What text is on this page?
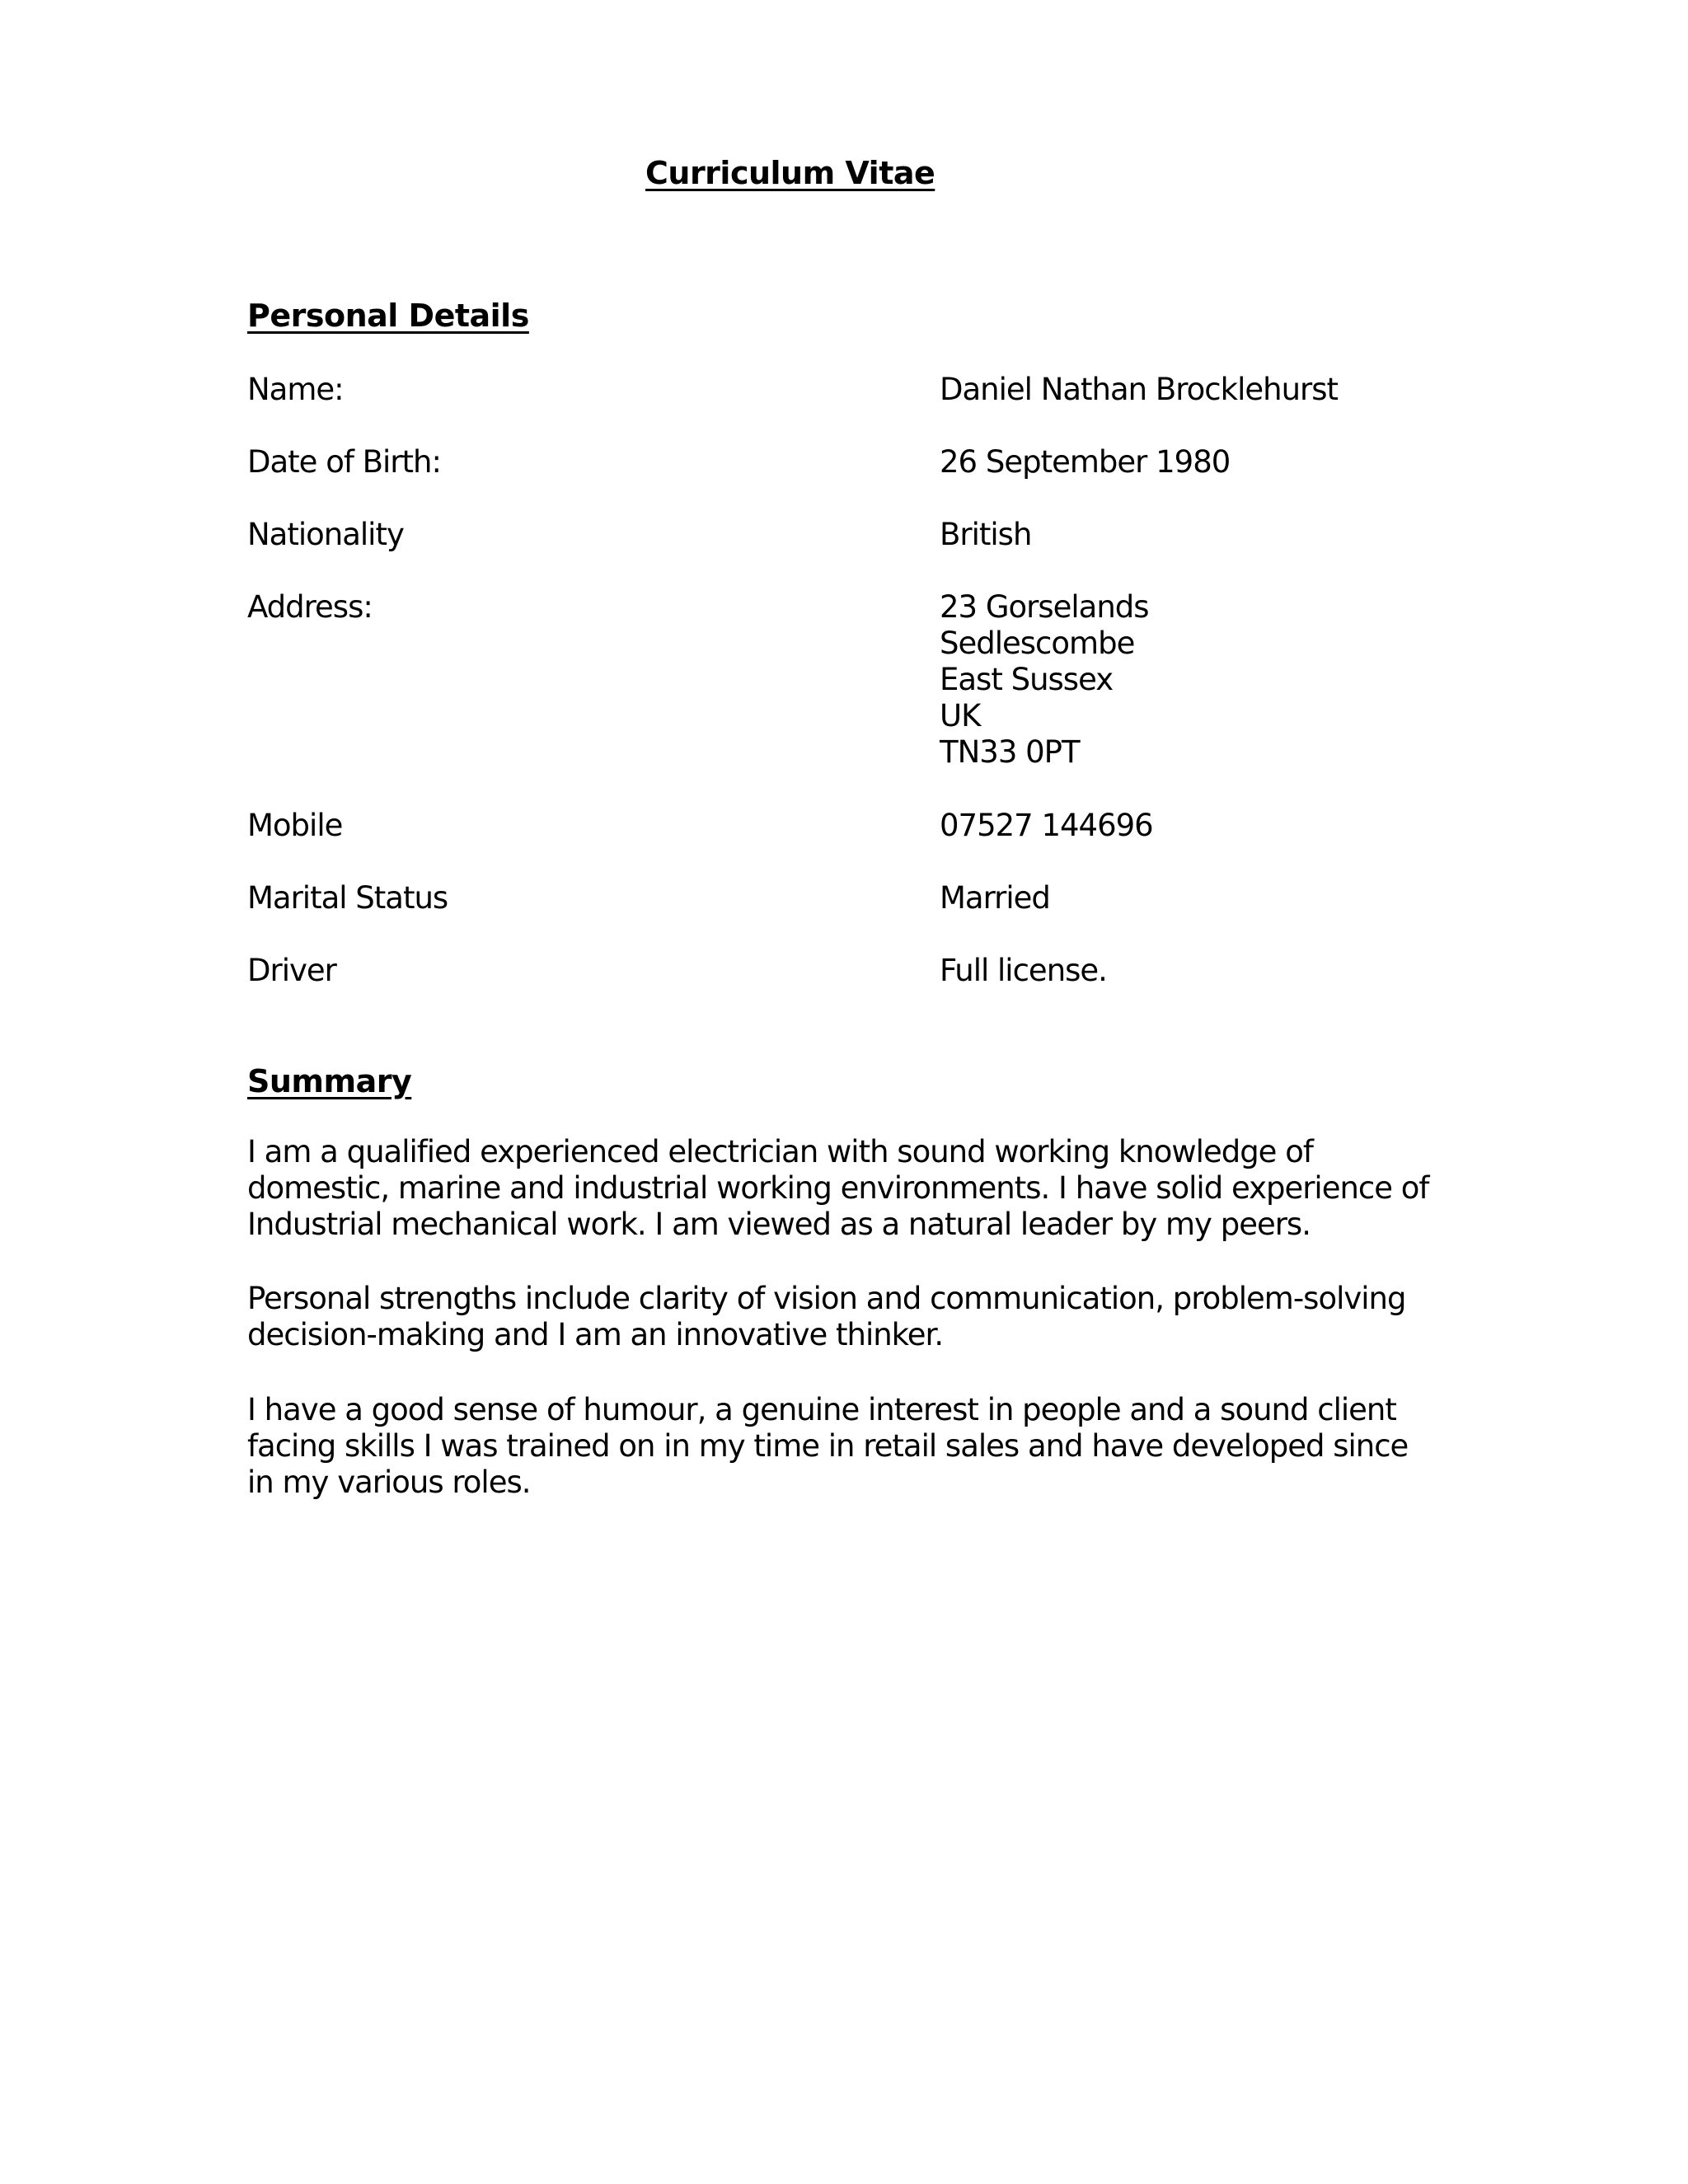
Curriculum Vitae
Personal Details
Name:	Daniel Nathan Brocklehurst
Date of Birth:	26 September 1980
Nationality	British
Address:	23 Gorselands
Sedlescombe
East Sussex
UK
TN33 0PT
Mobile	07527 144696
Marital Status	Married
Driver	Full license.
Summary

I am a qualified experienced electrician with sound working knowledge of domestic, marine and industrial working environments. I have solid experience of Industrial mechanical work. I am viewed as a natural leader by my peers.

Personal strengths include clarity of vision and communication, problem-solving decision-making and I am an innovative thinker.

I have a good sense of humour, a genuine interest in people and a sound client facing skills I was trained on in my time in retail sales and have developed since in my various roles.
